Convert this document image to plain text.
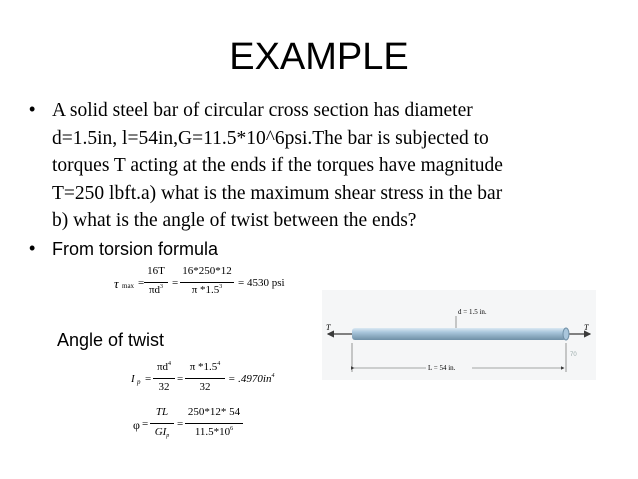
EXAMPLE
• A solid steel bar of circular cross section has diameter
d=1.5in, l=54in,G=11.5*10^6psi.The bar is subjected to
torques T acting at the ends if the torques have magnitude
T=250 lbft.a) what is the maximum shear stress in the bar
b) what is the angle of twist between the ends?
• From torsion formula
τ max =
16T
$\pi d^3$ =
16*250*12
π $*1.5^3$	= 4530 psi
Angle of twist
I p =
$\pi d^4$
32
=
π $*1.5^4$
32
= $.4970in^4$
φ =
TL
$GI_p$
=
250*12* 54
$11.5*10^6$
T	T
d = 1.5 in.
L = 54 in.
70
